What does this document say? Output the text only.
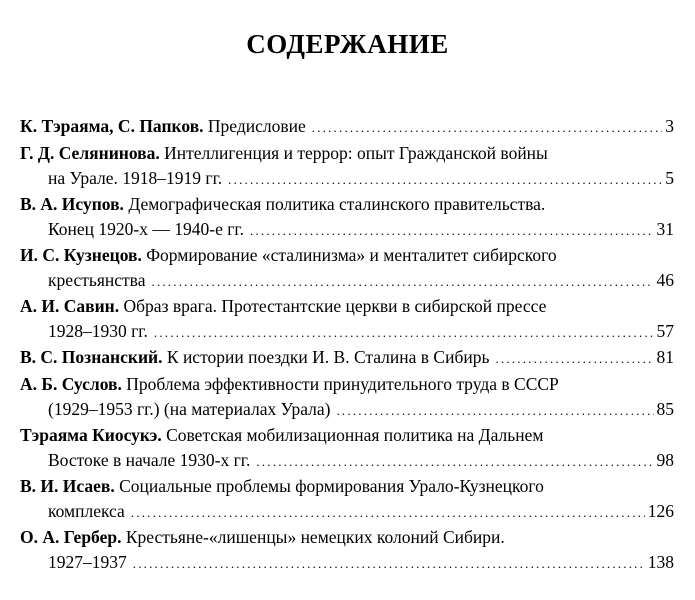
СОДЕРЖАНИЕ
К. Тэраяма, С. Папков.
Предисловие .....	3
Г. Д. Селянинова. Интеллигенция и террор: опыт Гражданской войны
на Урале. 1918–1919 гг. .....	5
В. А. Исупов. Демографическая политика сталинского правительства.
Конец 1920-х — 1940-е гг. .....	31
И. С. Кузнецов. Формирование «сталинизма» и менталитет сибирского
крестьянства .....	46
А. И. Савин. Образ врага. Протестантские церкви в сибирской прессе
1928–1930 гг. .....	57
В. С. Познанский.
К истории поездки И. В. Сталина в Сибирь .....	81
А. Б. Суслов. Проблема эффективности принудительного труда в СССР
(1929–1953 гг.) (на материалах Урала) .....	85
Тэраяма Киосукэ. Советская мобилизационная политика на Дальнем
Востоке в начале 1930-х гг. .....	98
В. И. Исаев. Социальные проблемы формирования Урало-Кузнецкого
комплекса .....	126
О. А. Гербер. Крестьяне-«лишенцы» немецких колоний Сибири.
1927–1937 .....	138
